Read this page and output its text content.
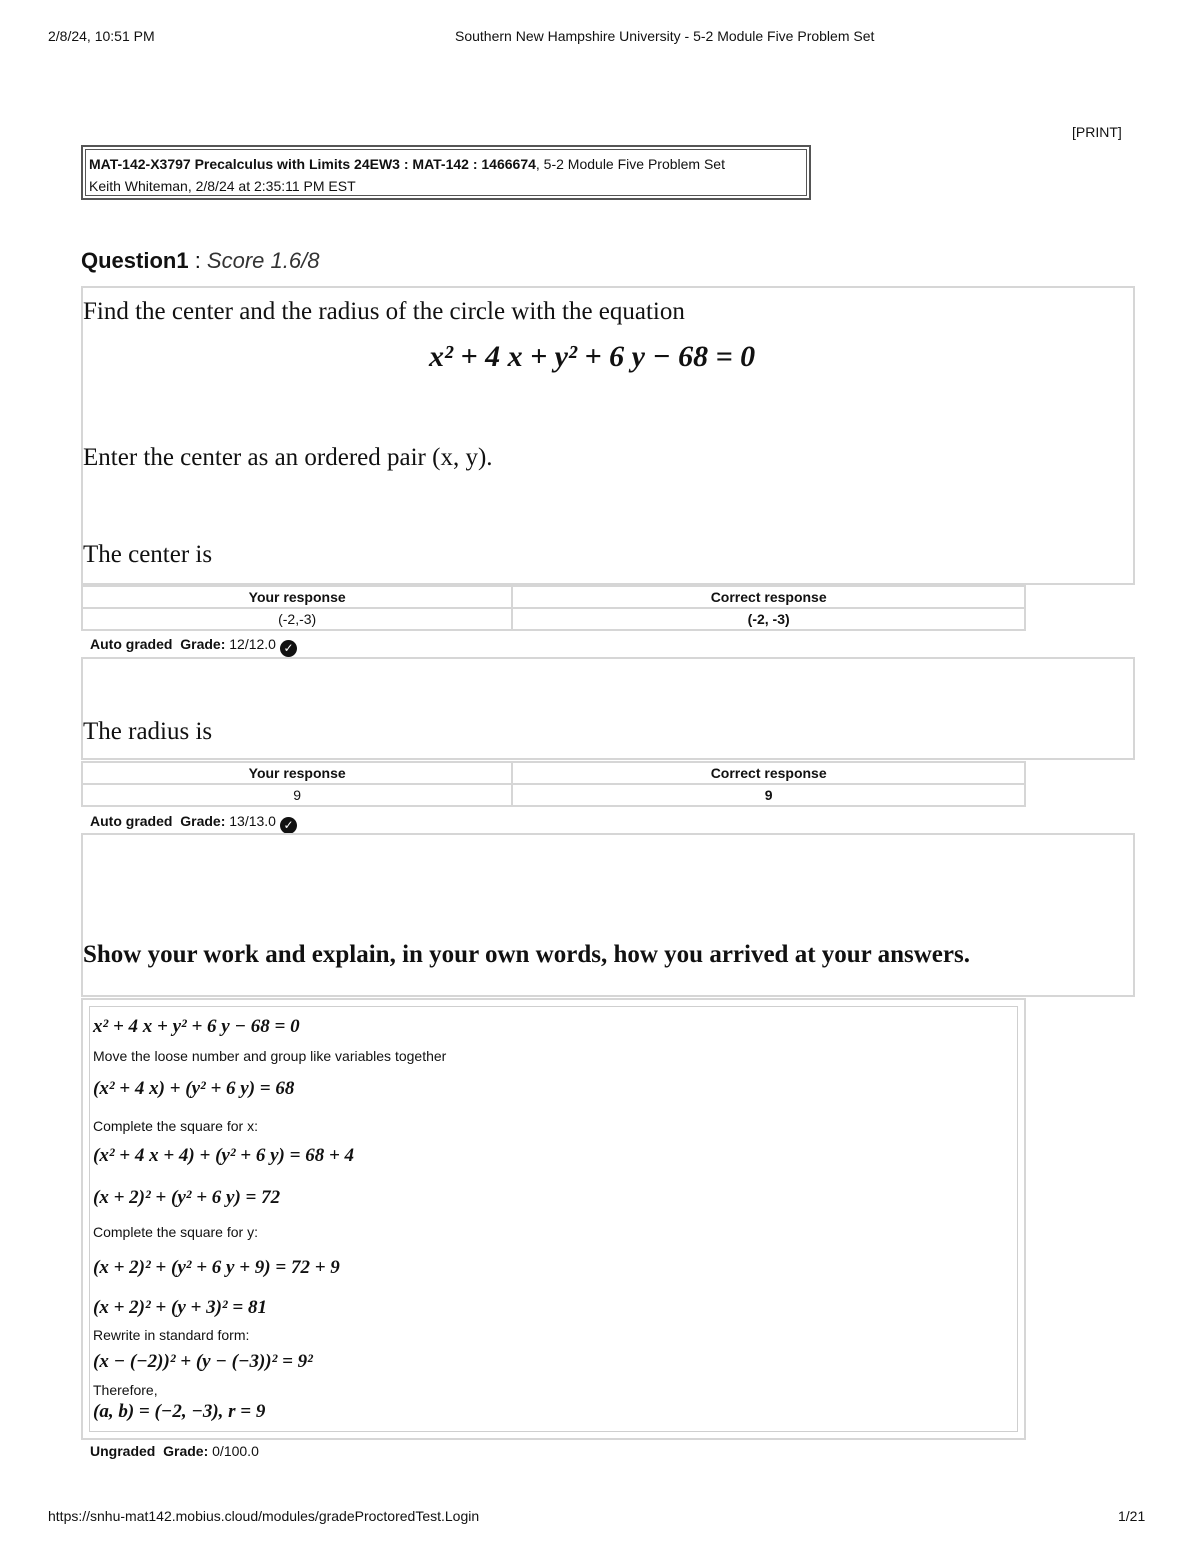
2/8/24, 10:51 PM	Southern New Hampshire University - 5-2 Module Five Problem Set
[PRINT]
MAT-142-X3797 Precalculus with Limits 24EW3 : MAT-142 : 1466674, 5-2 Module Five Problem Set
Keith Whiteman, 2/8/24 at 2:35:11 PM EST
Question1 : Score 1.6/8
Find the center and the radius of the circle with the equation
x² + 4 x + y² + 6 y − 68 = 0
Enter the center as an ordered pair (x, y).
The center is
Your response	Correct response
(-2,-3)	(-2, -3)
Auto graded Grade: 12/12.0 ✓
The radius is
Your response	Correct response
9	9
Auto graded Grade: 13/13.0 ✓
Show your work and explain, in your own words, how you arrived at your answers.
x² + 4 x + y² + 6 y − 68 = 0
Move the loose number and group like variables together
(x² + 4 x) + (y² + 6 y) = 68
Complete the square for x:
(x² + 4 x + 4) + (y² + 6 y) = 68 + 4
(x + 2)² + (y² + 6 y) = 72
Complete the square for y:
(x + 2)² + (y² + 6 y + 9) = 72 + 9
(x + 2)² + (y + 3)² = 81
Rewrite in standard form:
(x − (−2))² + (y − (−3))² = 9²
Therefore,
(a, b) = (−2, −3), r = 9
Ungraded Grade: 0/100.0
https://snhu-mat142.mobius.cloud/modules/gradeProctoredTest.Login	1/21
